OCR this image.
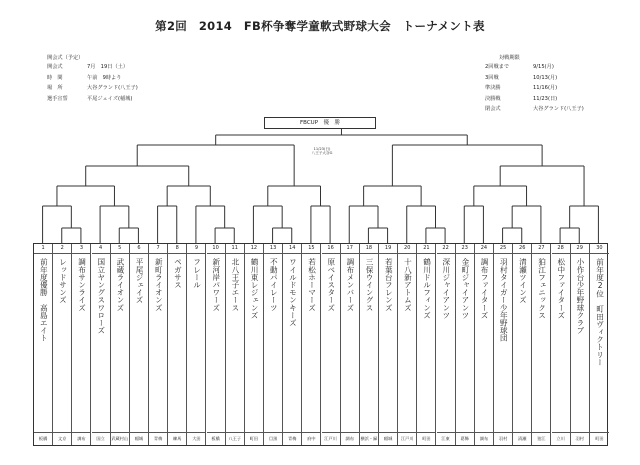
第2回　2014　FB杯争奪学童軟式野球大会　トーナメント表
開会式（予定）
開会式	7月　19日（土）
時　間	午前　9時より
場　所	大谷グランド(八王子)
選手宣誓	平尾ジェイズ(稲城)
対戦期限
2回戦まで	9/15(月)
3回戦	10/13(月)
準決勝	11/16(月)
決勝戦	11/23(日)
閉会式	大谷グランド(八王子)
FBCUP　優　勝
11/23(日)
八王子大谷G
1
前年度優勝　高島エイト
板橋
2
レッドサンズ
文京
3
調布サンライズ
調布
4
国立ヤングスワローズ
国立
5
武蔵ライオンズ
武蔵村山
6
平尾ジェイズ
稲城
7
新町ライオンズ
青梅
8
ペガサス
練馬
9
フレール
大田
10
新河岸パワーズ
板橋
11
北八王子エース
八王子
12
鶴川東レジェンズ
町田
13
不動パイレーツ
目黒
14
ワイルドモンキーズ
青梅
15
若松ホーマーズ
府中
16
原ベイスターズ
江戸川
17
調布メンバーズ
調布
18
三保ウイングス
横浜・緑
19
若葉台フレンズ
稲城
20
十八新アトムズ
江戸川
21
鶴川ドルフィンズ
町田
22
深川ジャイアンツ
江東
23
金町ジャイアンツ
葛飾
24
調布ファイターズ
調布
25
羽村タイガー少年野球団
羽村
26
清瀬ツインズ
清瀬
27
狛江フェニックス
狛江
28
松中ファイターズ
立川
29
小作台少年野球クラブ
羽村
30
前年度2位　町田ヴィクトリー
町田
